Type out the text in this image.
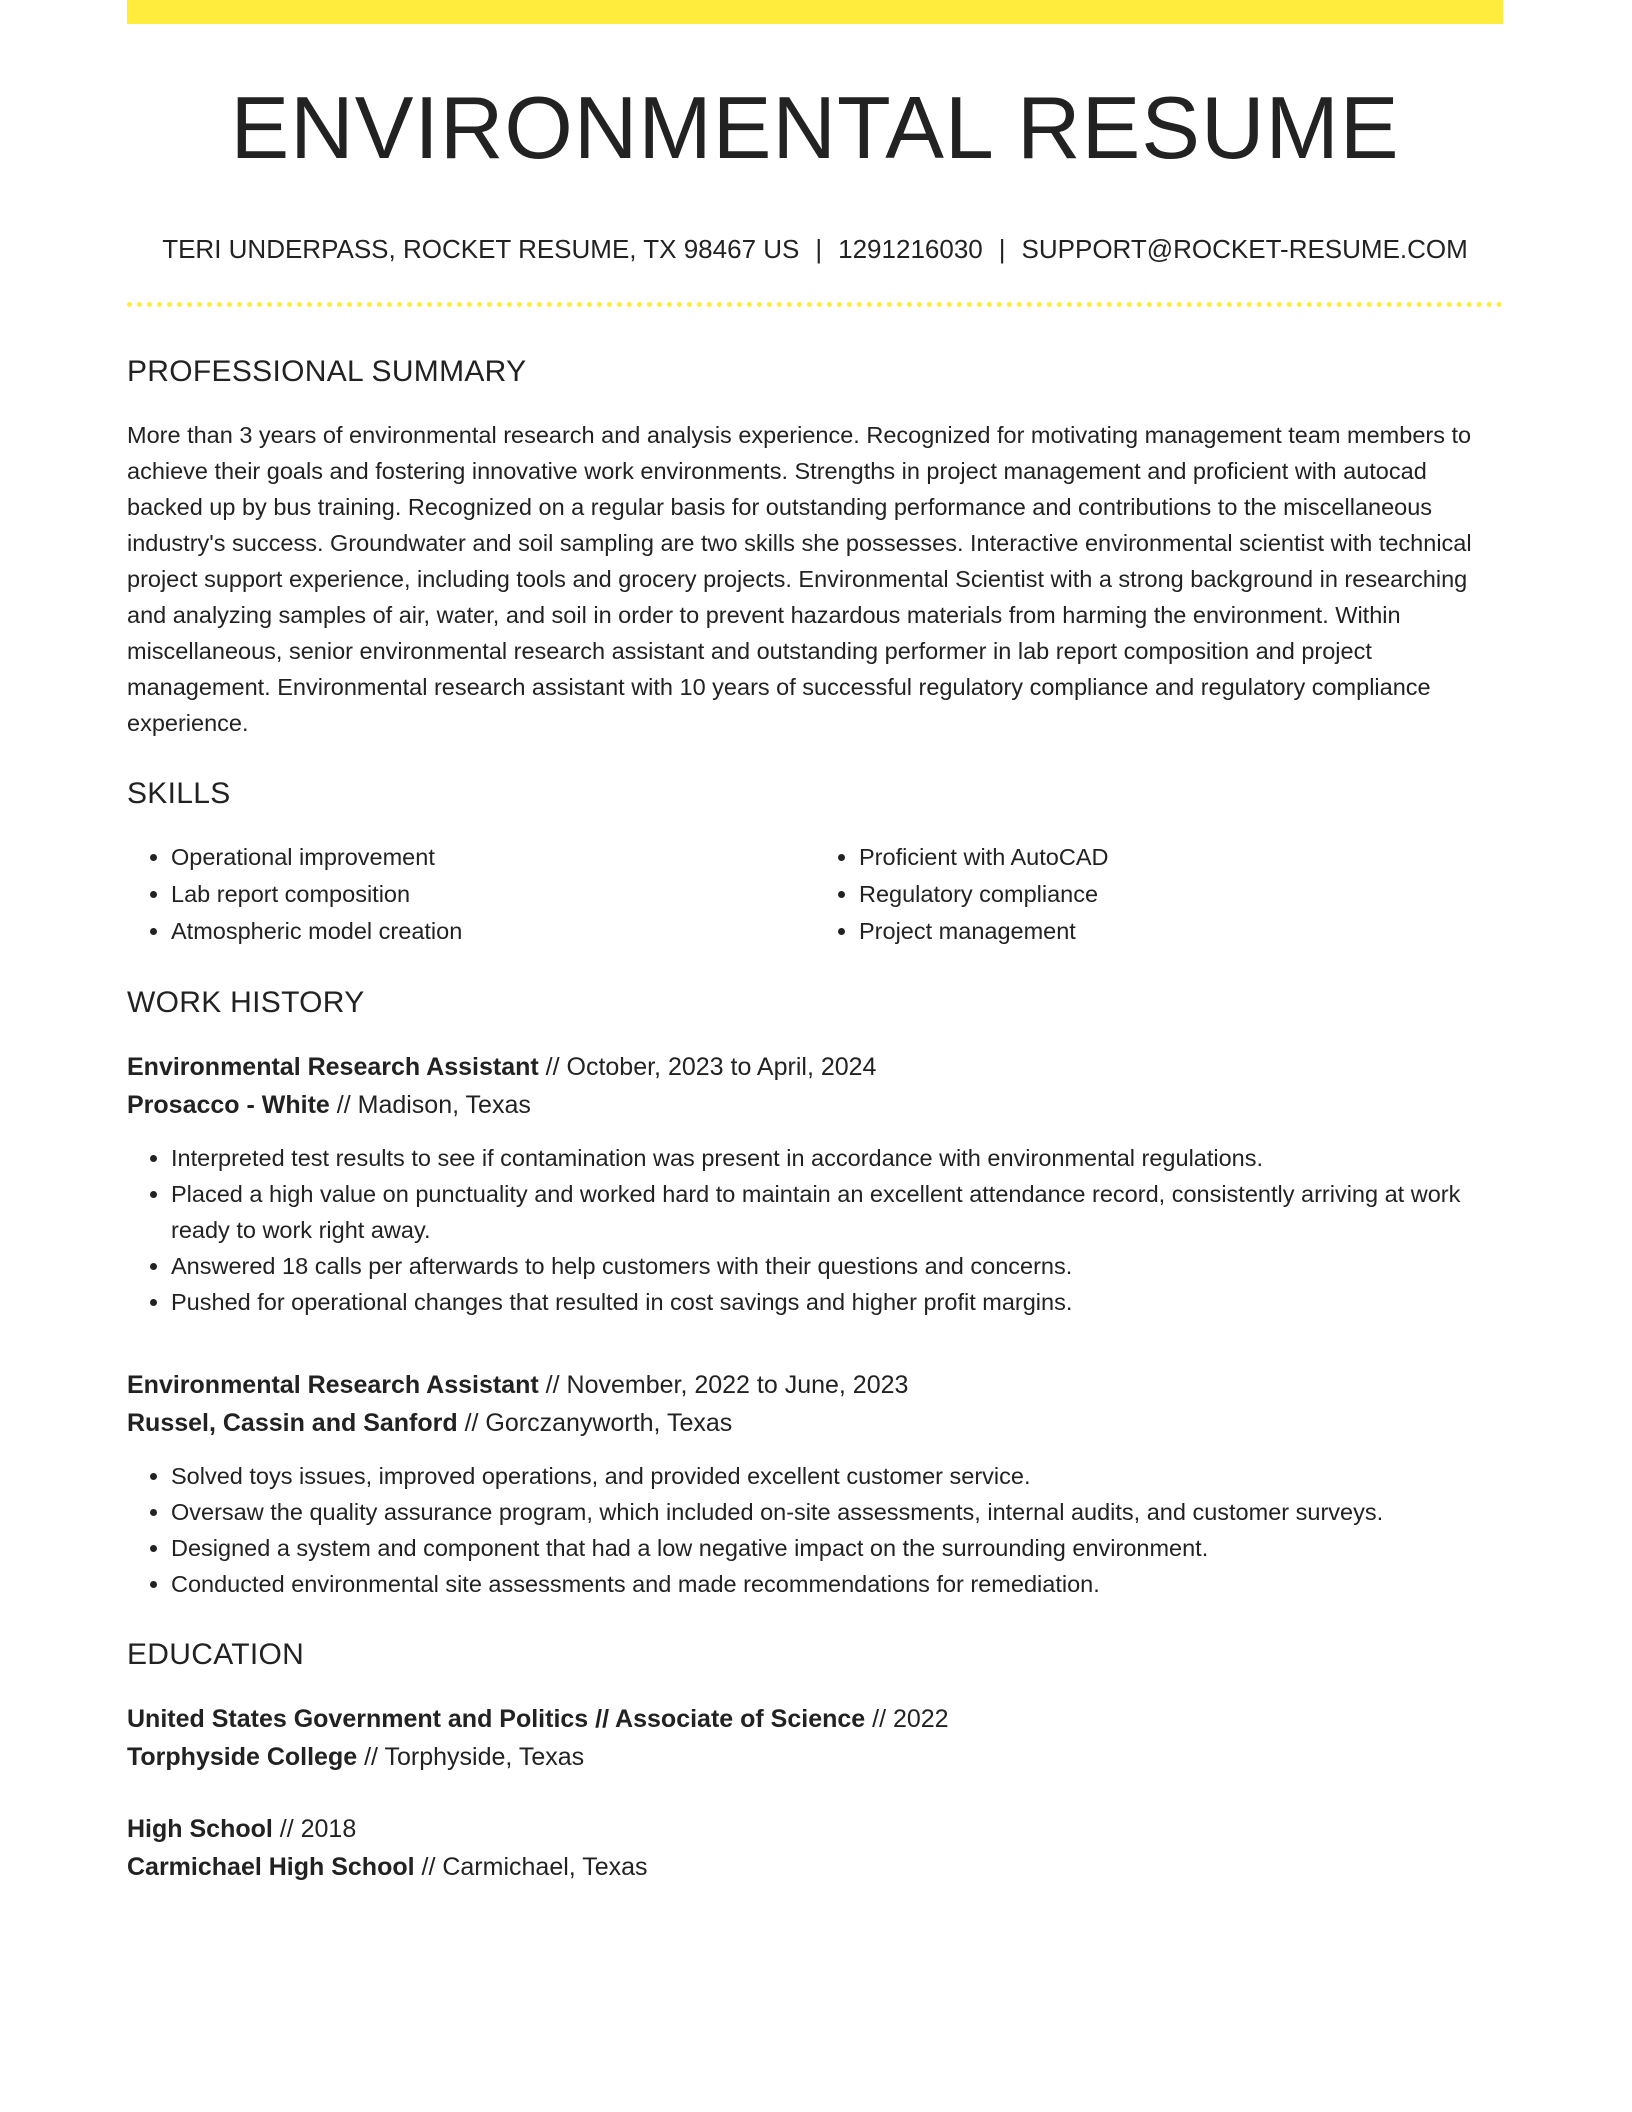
ENVIRONMENTAL RESUME
TERI UNDERPASS, ROCKET RESUME, TX 98467 US | 1291216030 | SUPPORT@ROCKET-RESUME.COM
PROFESSIONAL SUMMARY

More than 3 years of environmental research and analysis experience. Recognized for motivating management team members to achieve their goals and fostering innovative work environments. Strengths in project management and proficient with autocad backed up by bus training. Recognized on a regular basis for outstanding performance and contributions to the miscellaneous industry's success. Groundwater and soil sampling are two skills she possesses. Interactive environmental scientist with technical project support experience, including tools and grocery projects. Environmental Scientist with a strong background in researching and analyzing samples of air, water, and soil in order to prevent hazardous materials from harming the environment. Within miscellaneous, senior environmental research assistant and outstanding performer in lab report composition and project management. Environmental research assistant with 10 years of successful regulatory compliance and regulatory compliance experience.

SKILLS
• Operational improvement
• Lab report composition
• Atmospheric model creation
• Proficient with AutoCAD
• Regulatory compliance
• Project management
WORK HISTORY
Environmental Research Assistant // October, 2023 to April, 2024
Prosacco - White // Madison, Texas
• Interpreted test results to see if contamination was present in accordance with environmental regulations.
• Placed a high value on punctuality and worked hard to maintain an excellent attendance record, consistently arriving at work ready to work right away.
• Answered 18 calls per afterwards to help customers with their questions and concerns.
• Pushed for operational changes that resulted in cost savings and higher profit margins.
Environmental Research Assistant // November, 2022 to June, 2023
Russel, Cassin and Sanford // Gorczanyworth, Texas
• Solved toys issues, improved operations, and provided excellent customer service.
• Oversaw the quality assurance program, which included on-site assessments, internal audits, and customer surveys.
• Designed a system and component that had a low negative impact on the surrounding environment.
• Conducted environmental site assessments and made recommendations for remediation.
EDUCATION
United States Government and Politics // Associate of Science // 2022
Torphyside College // Torphyside, Texas
High School // 2018
Carmichael High School // Carmichael, Texas
